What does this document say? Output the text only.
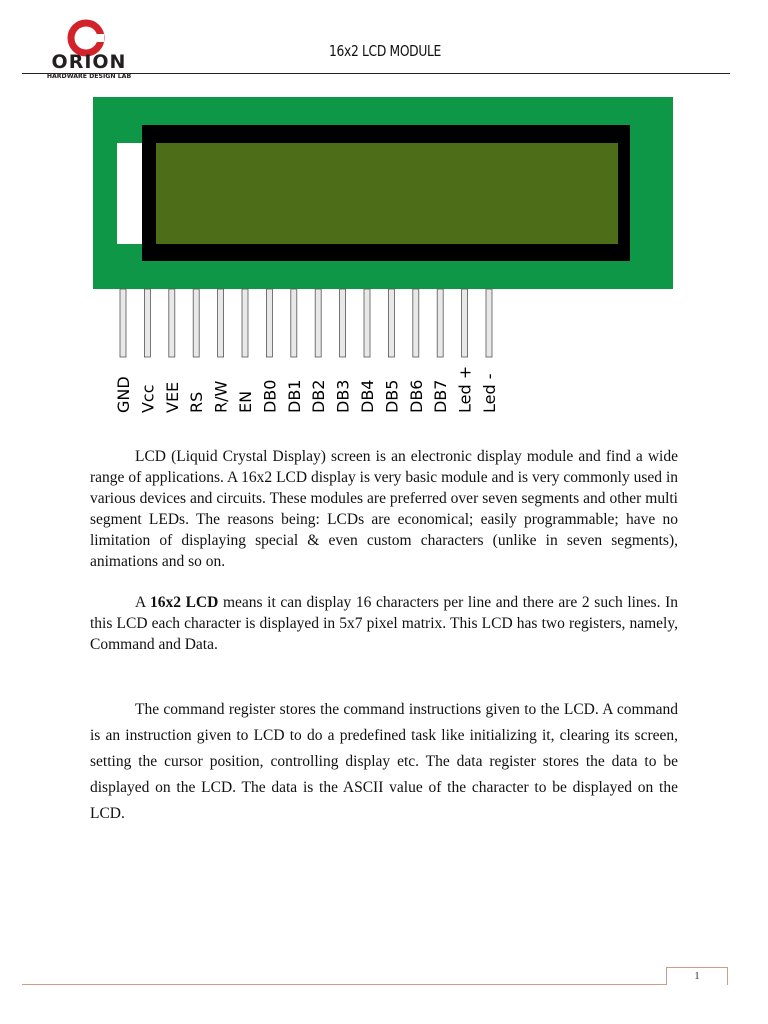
ORION
HARDWARE DESIGN LAB
16x2 LCD MODULE
GND Vcc VEE RS R/W EN DB0 DB1 DB2 DB3 DB4 DB5 DB6 DB7 Led + Led -

LCD (Liquid Crystal Display) screen is an electronic display module and find a wide range of applications. A 16x2 LCD display is very basic module and is very commonly used in various devices and circuits. These modules are preferred over seven segments and other multi segment LEDs. The reasons being: LCDs are economical; easily programmable; have no limitation of displaying special & even custom characters (unlike in seven segments), animations and so on.

A 16x2 LCD means it can display 16 characters per line and there are 2 such lines. In this LCD each character is displayed in 5x7 pixel matrix. This LCD has two registers, namely, Command and Data.

The command register stores the command instructions given to the LCD. A command is an instruction given to LCD to do a predefined task like initializing it, clearing its screen, setting the cursor position, controlling display etc. The data register stores the data to be displayed on the LCD. The data is the ASCII value of the character to be displayed on the LCD.

1
